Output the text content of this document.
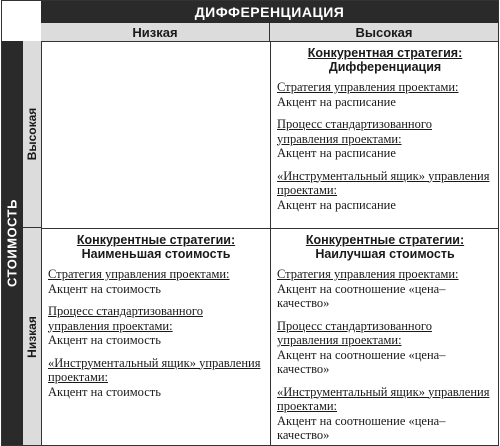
ДИФФЕРЕНЦИАЦИЯ
Низкая	Высокая
СТОИМОСТЬ
Высокая
Низкая
Конкурентная стратегия:
Дифференциация
Стратегия управления проектами:
Акцент на расписание
Процесс стандартизованного управления проектами:
Акцент на расписание
«Инструментальный ящик» управления проектами:
Акцент на расписание
Конкурентные стратегии:
Наименьшая стоимость
Стратегия управления проектами:
Акцент на стоимость
Процесс стандартизованного управления проектами:
Акцент на стоимость
«Инструментальный ящик» управления проектами:
Акцент на стоимость
Конкурентные стратегии:
Наилучшая стоимость
Стратегия управления проектами:
Акцент на соотношение «цена–качество»
Процесс стандартизованного управления проектами:
Акцент на соотношение «цена–качество»
«Инструментальный ящик» управления проектами:
Акцент на соотношение «цена–качество»
